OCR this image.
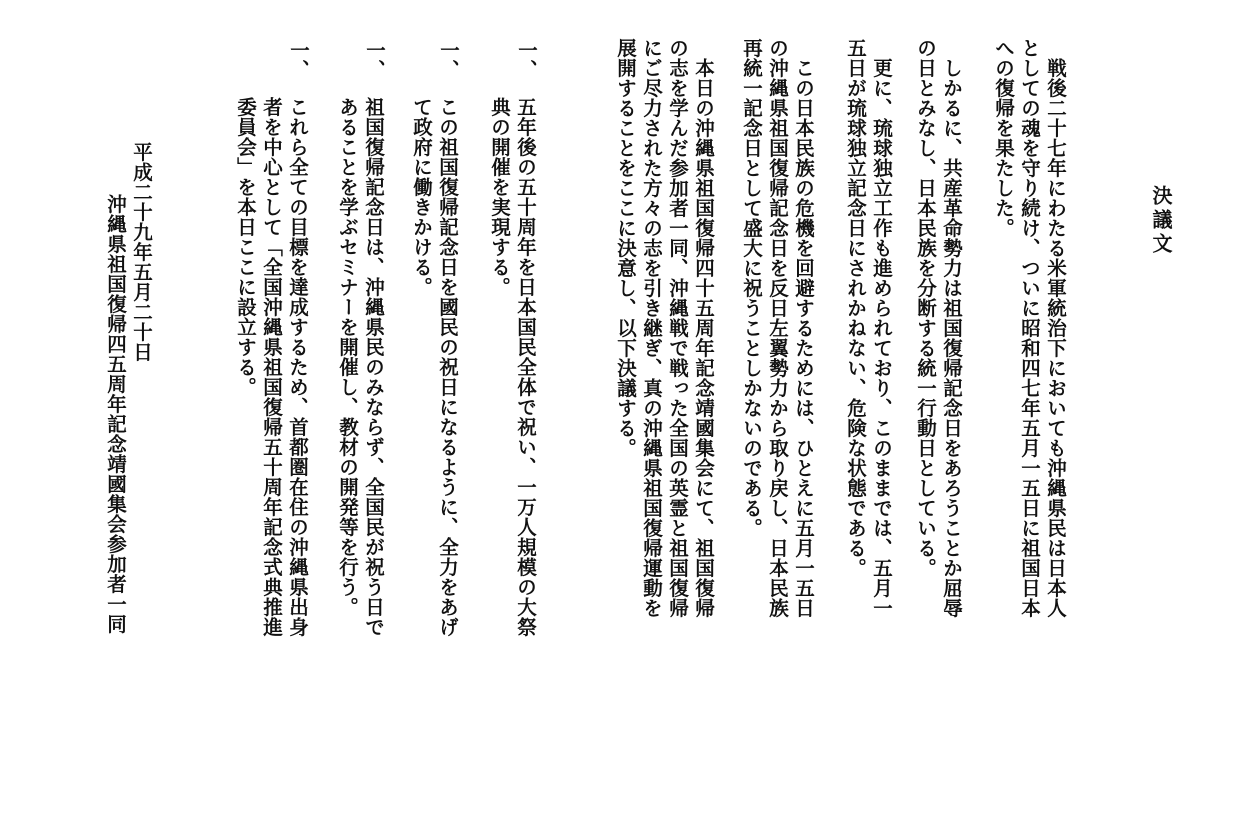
決議文
戦後二十七年にわたる米軍統治下においても沖縄県民は日本人
としての魂を守り続け、ついに昭和四七年五月一五日に祖国日本
への復帰を果たした。
しかるに、共産革命勢力は祖国復帰記念日をあろうことか屈辱
の日とみなし、日本民族を分断する統一行動日としている。
更に、琉球独立工作も進められており、このままでは、五月一
五日が琉球独立記念日にされかねない、危険な状態である。
この日本民族の危機を回避するためには、ひとえに五月一五日
の沖縄県祖国復帰記念日を反日左翼勢力から取り戻し、日本民族
再統一記念日として盛大に祝うことしかないのである。
本日の沖縄県祖国復帰四十五周年記念靖國集会にて、祖国復帰
の志を学んだ参加者一同、沖縄戦で戦った全国の英霊と祖国復帰
にご尽力された方々の志を引き継ぎ、真の沖縄県祖国復帰運動を
展開することをここに決意し、以下決議する。
一、
五年後の五十周年を日本国民全体で祝い、一万人規模の大祭
典の開催を実現する。
一、
この祖国復帰記念日を國民の祝日になるように、全力をあげ
て政府に働きかける。
一、
祖国復帰記念日は、沖縄県民のみならず、全国民が祝う日で
あることを学ぶセミナーを開催し、教材の開発等を行う。
一、
これら全ての目標を達成するため、首都圏在住の沖縄県出身
者を中心として「全国沖縄県祖国復帰五十周年記念式典推進
委員会」を本日ここに設立する。
平成二十九年五月二十日
沖縄県祖国復帰四五周年記念靖國集会参加者一同
